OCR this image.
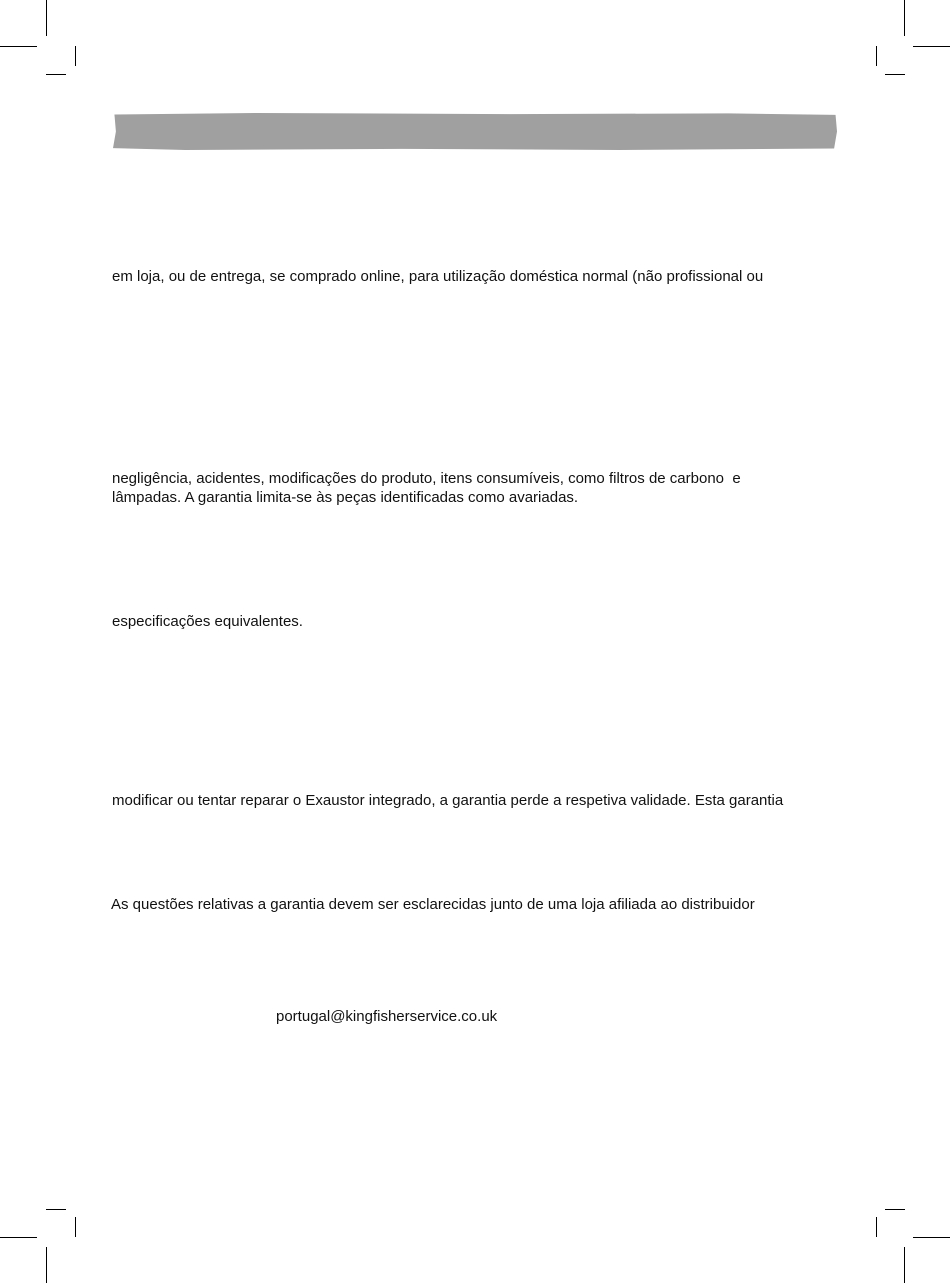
em loja, ou de entrega, se comprado online, para utilização doméstica normal (não profissional ou

negligência, acidentes, modificações do produto, itens consumíveis, como filtros de carbono  e

lâmpadas. A garantia limita-se às peças identificadas como avariadas.

especificações equivalentes.

modificar ou tentar reparar o Exaustor integrado, a garantia perde a respetiva validade. Esta garantia

As questões relativas a garantia devem ser esclarecidas junto de uma loja afiliada ao distribuidor

portugal@kingfisherservice.co.uk
